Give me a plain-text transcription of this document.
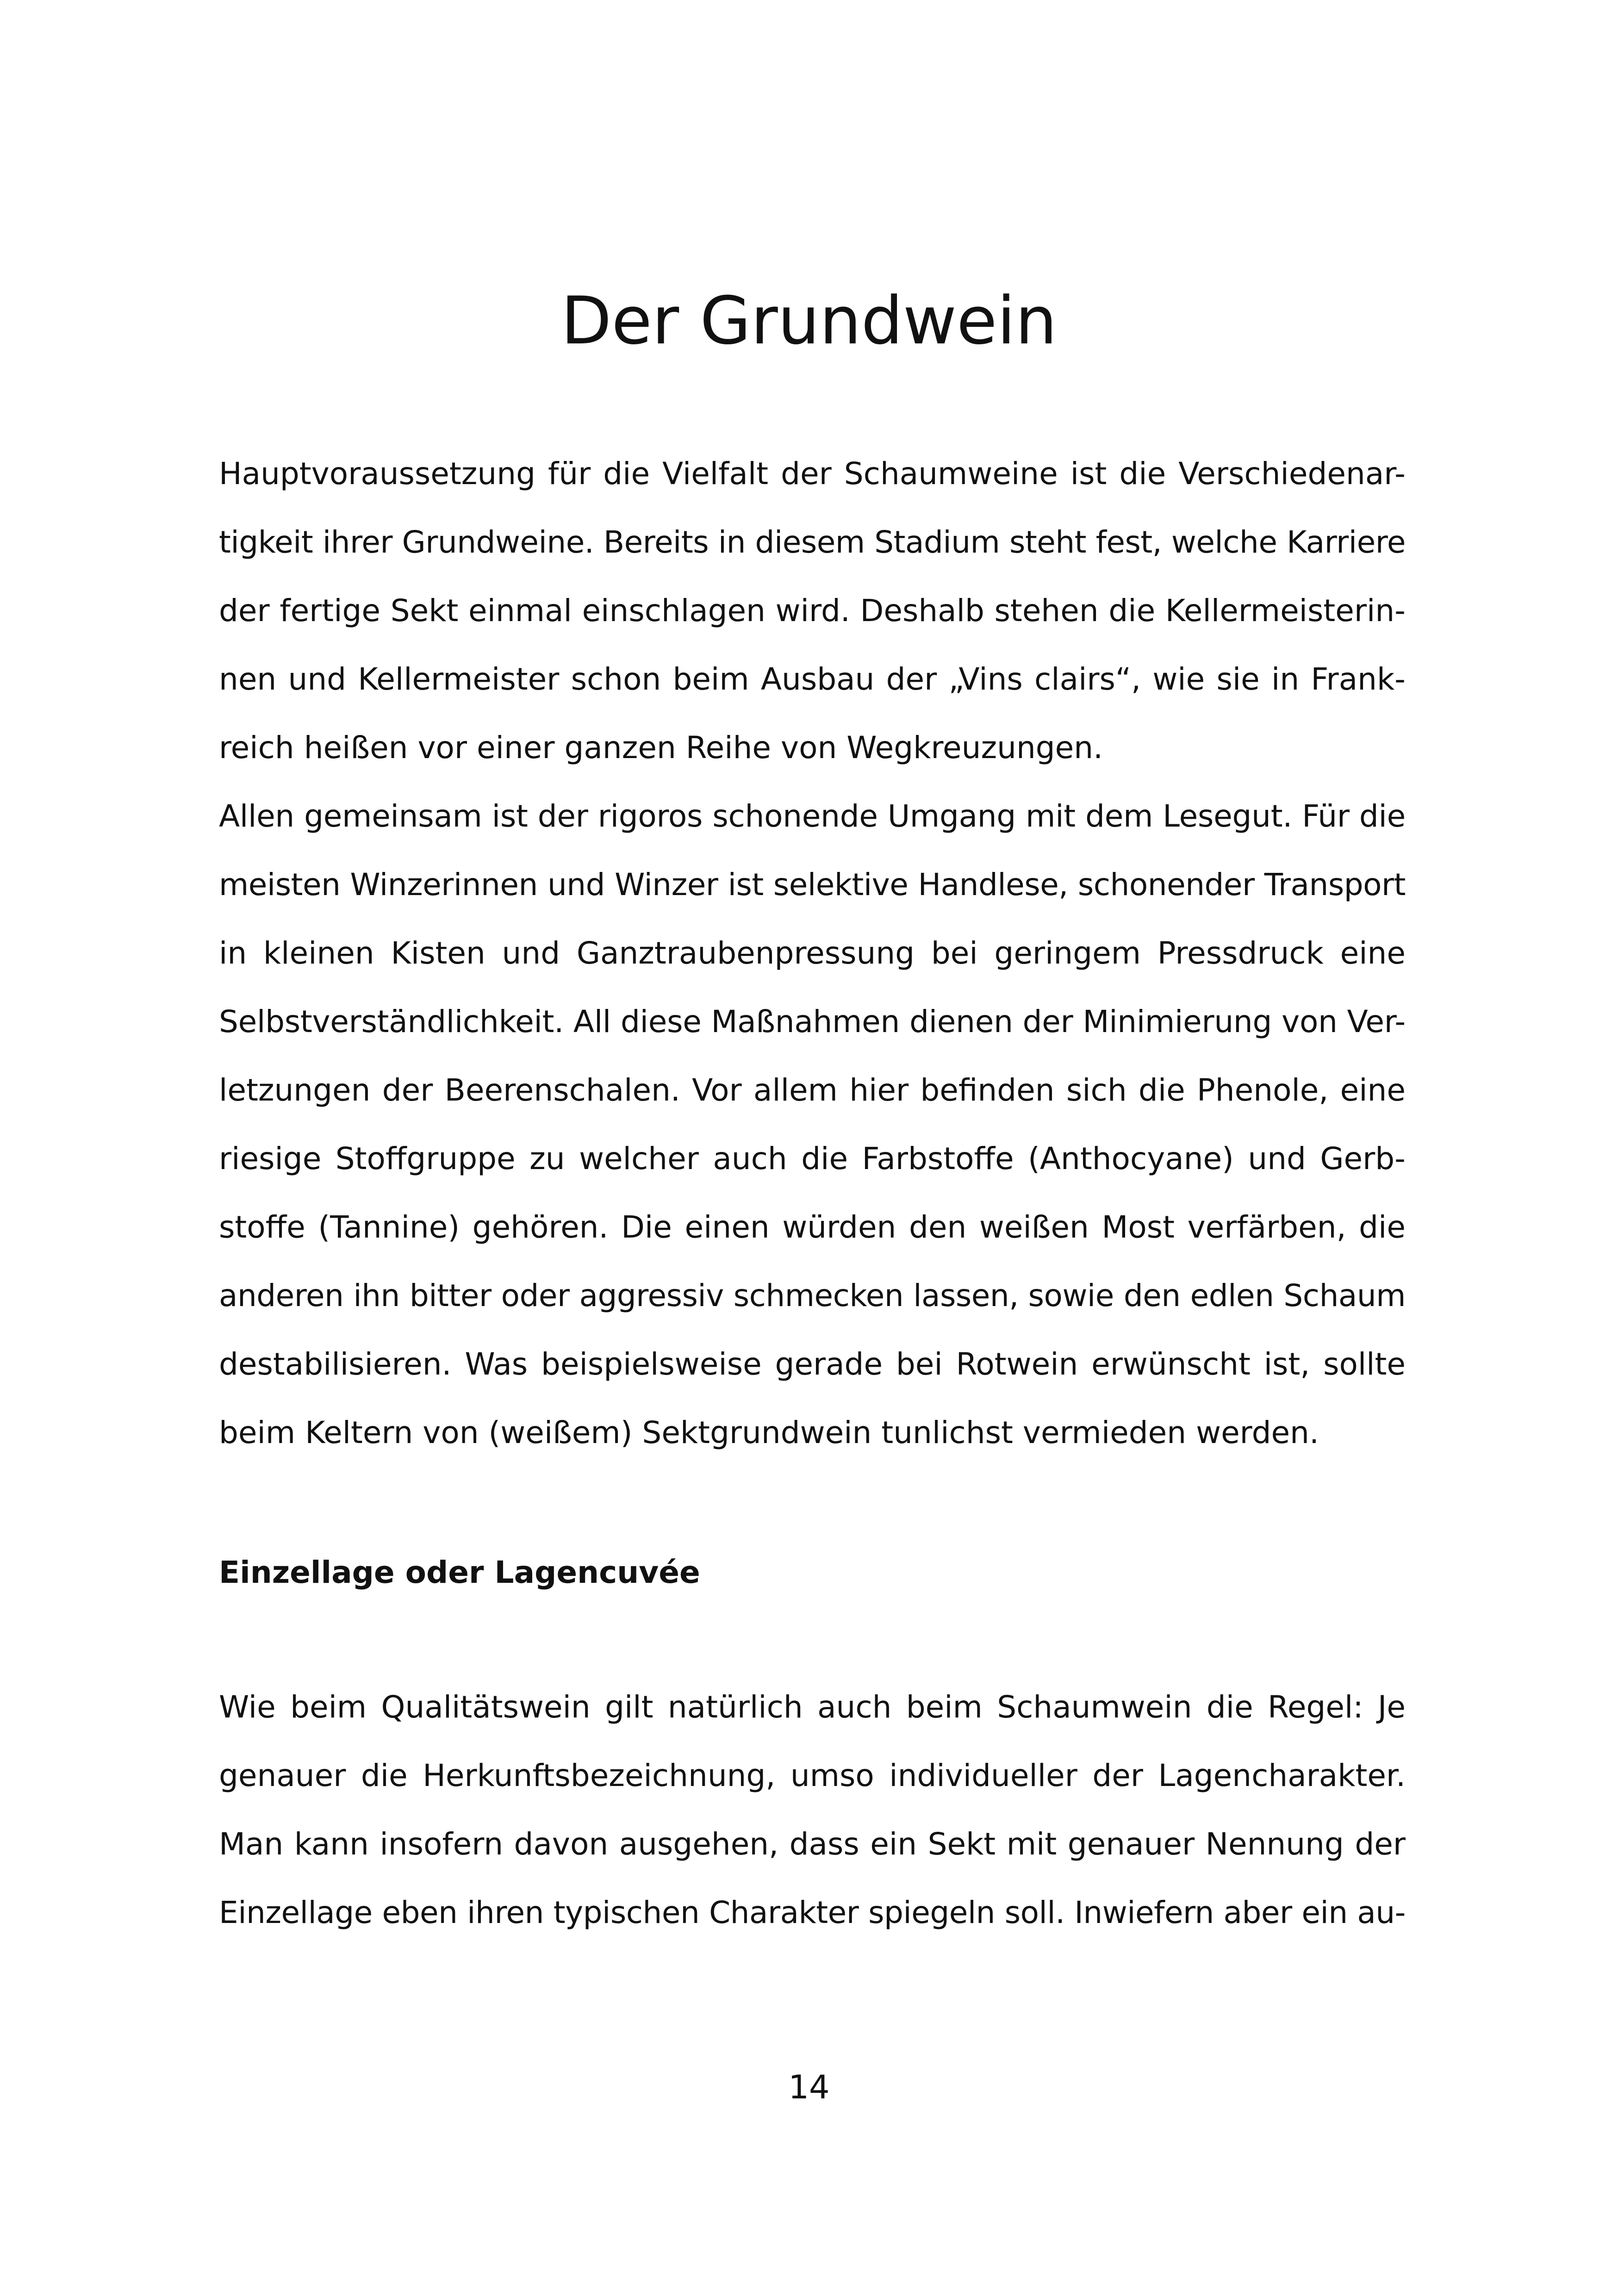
Der Grundwein
Hauptvoraussetzung für die Vielfalt der Schaumweine ist die Verschiedenar-
tigkeit ihrer Grundweine. Bereits in diesem Stadium steht fest, welche Karriere
der fertige Sekt einmal einschlagen wird. Deshalb stehen die Kellermeisterin-
nen und Kellermeister schon beim Ausbau der „Vins clairs“, wie sie in Frank-
reich heißen vor einer ganzen Reihe von Wegkreuzungen.
Allen gemeinsam ist der rigoros schonende Umgang mit dem Lesegut. Für die
meisten Winzerinnen und Winzer ist selektive Handlese, schonender Transport
in kleinen Kisten und Ganztraubenpressung bei geringem Pressdruck eine
Selbstverständlichkeit. All diese Maßnahmen dienen der Minimierung von Ver-
letzungen der Beerenschalen. Vor allem hier befinden sich die Phenole, eine
riesige Stoffgruppe zu welcher auch die Farbstoffe (Anthocyane) und Gerb-
stoffe (Tannine) gehören. Die einen würden den weißen Most verfärben, die
anderen ihn bitter oder aggressiv schmecken lassen, sowie den edlen Schaum
destabilisieren. Was beispielsweise gerade bei Rotwein erwünscht ist, sollte
beim Keltern von (weißem) Sektgrundwein tunlichst vermieden werden.
Einzellage oder Lagencuvée
Wie beim Qualitätswein gilt natürlich auch beim Schaumwein die Regel: Je
genauer die Herkunftsbezeichnung, umso individueller der Lagencharakter.
Man kann insofern davon ausgehen, dass ein Sekt mit genauer Nennung der
Einzellage eben ihren typischen Charakter spiegeln soll. Inwiefern aber ein au-
14
